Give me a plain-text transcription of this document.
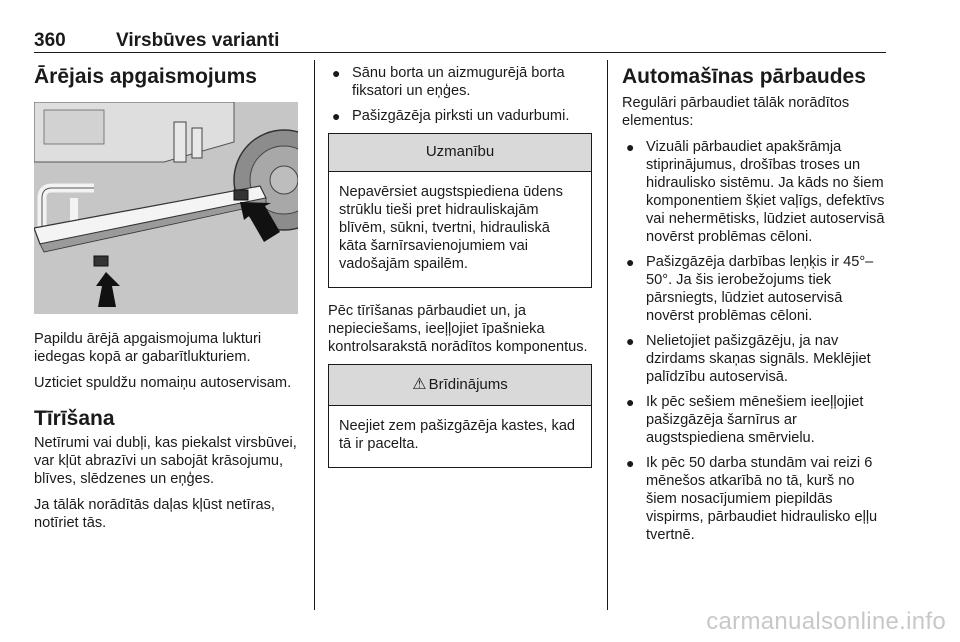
360	Virsbūves varianti
Ārējais apgaismojums

Papildu ārējā apgaismojuma lukturi iedegas kopā ar gabarītlukturiem.

Uzticiet spuldžu nomaiņu autoservisam.

Tīrīšana

Netīrumi vai dubļi, kas piekalst virsbūvei, var kļūt abrazīvi un sabojāt krāsojumu, blīves, slēdzenes un eņģes.

Ja tālāk norādītās daļas kļūst netīras, notīriet tās.

● Sānu borta un aizmugurējā borta fiksatori un eņģes.
● Pašizgāzēja pirksti un vadurbumi.
Uzmanību

Nepavērsiet augstspiediena ūdens strūklu tieši pret hidrauliskajām blīvēm, sūkni, tvertni, hidrauliskā kāta šarnīrsavienojumiem vai vadošajām spailēm.

Pēc tīrīšanas pārbaudiet un, ja nepieciešams, ieeļļojiet īpašnieka kontrolsarakstā norādītos komponentus.

⚠ Brīdinājums

Neejiet zem pašizgāzēja kastes, kad tā ir pacelta.

Automašīnas pārbaudes

Regulāri pārbaudiet tālāk norādītos elementus:

● Vizuāli pārbaudiet apakšrāmja stiprinājumus, drošības troses un hidraulisko sistēmu. Ja kāds no šiem komponentiem šķiet vaļīgs, defektīvs vai nehermētisks, lūdziet autoservisā novērst problēmas cēloni.
● Pašizgāzēja darbības leņķis ir 45°–50°. Ja šis ierobežojums tiek pārsniegts, lūdziet autoservisā novērst problēmas cēloni.
● Nelietojiet pašizgāzēju, ja nav dzirdams skaņas signāls. Meklējiet palīdzību autoservisā.
● Ik pēc sešiem mēnešiem ieeļļojiet pašizgāzēja šarnīrus ar augstspiediena smērvielu.
● Ik pēc 50 darba stundām vai reizi 6 mēnešos atkarībā no tā, kurš no šiem nosacījumiem piepildās vispirms, pārbaudiet hidraulisko eļļu tvertnē.
carmanualsonline.info
